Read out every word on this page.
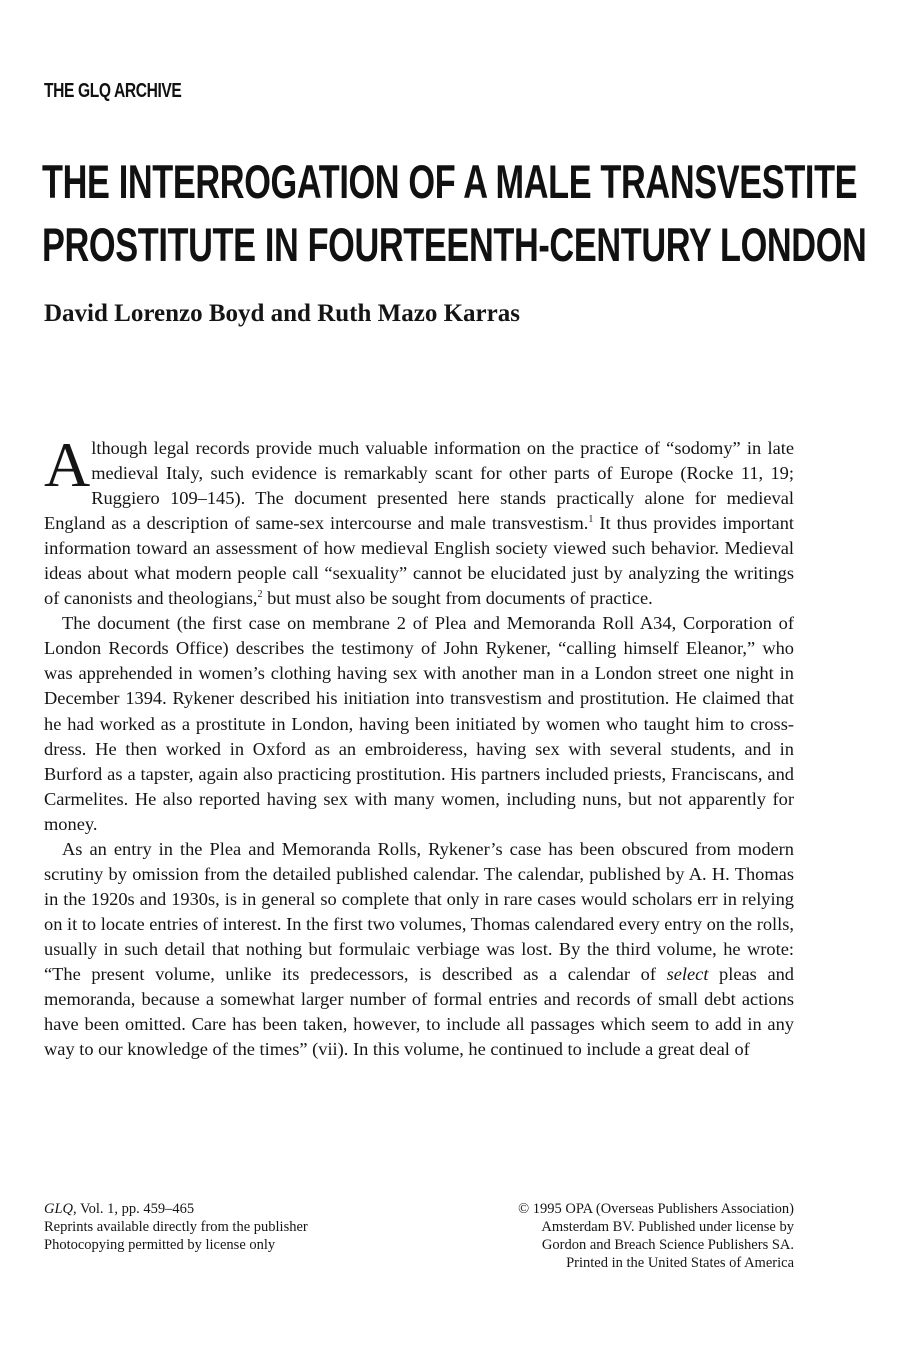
THE GLQ ARCHIVE
THE INTERROGATION OF A MALE TRANSVESTITE
PROSTITUTE IN FOURTEENTH-CENTURY LONDON
David Lorenzo Boyd and Ruth Mazo Karras

Although legal records provide much valuable information on the practice of “sodomy” in late medieval Italy, such evidence is remarkably scant for other parts of Europe (Rocke 11, 19; Ruggiero 109–145). The document presented here stands practically alone for medieval England as a description of same-sex intercourse and male transvestism.$^1$ It thus provides important information toward an assessment of how medieval English society viewed such behavior. Medieval ideas about what modern people call “sexuality” cannot be elucidated just by analyzing the writings of canonists and theologians,$^2$ but must also be sought from documents of practice.

The document (the first case on membrane 2 of Plea and Memoranda Roll A34, Corporation of London Records Office) describes the testimony of John Rykener, “calling himself Eleanor,” who was apprehended in women’s clothing having sex with another man in a London street one night in December 1394. Rykener described his initiation into transvestism and prostitution. He claimed that he had worked as a prostitute in London, having been initiated by women who taught him to cross-dress. He then worked in Oxford as an embroideress, having sex with several students, and in Burford as a tapster, again also practicing prostitution. His partners included priests, Franciscans, and Carmelites. He also reported having sex with many women, including nuns, but not apparently for money.

As an entry in the Plea and Memoranda Rolls, Rykener’s case has been obscured from modern scrutiny by omission from the detailed published calendar. The calendar, published by A. H. Thomas in the 1920s and 1930s, is in general so complete that only in rare cases would scholars err in relying on it to locate entries of interest. In the first two volumes, Thomas calendared every entry on the rolls, usually in such detail that nothing but formulaic verbiage was lost. By the third volume, he wrote: “The present volume, unlike its predecessors, is described as a calendar of select pleas and memoranda, because a somewhat larger number of formal entries and records of small debt actions have been omitted. Care has been taken, however, to include all passages which seem to add in any way to our knowledge of the times” (vii). In this volume, he continued to include a great deal of

GLQ, Vol. 1, pp. 459–465
Reprints available directly from the publisher
Photocopying permitted by license only
© 1995 OPA (Overseas Publishers Association)
Amsterdam BV. Published under license by
Gordon and Breach Science Publishers SA.
Printed in the United States of America
